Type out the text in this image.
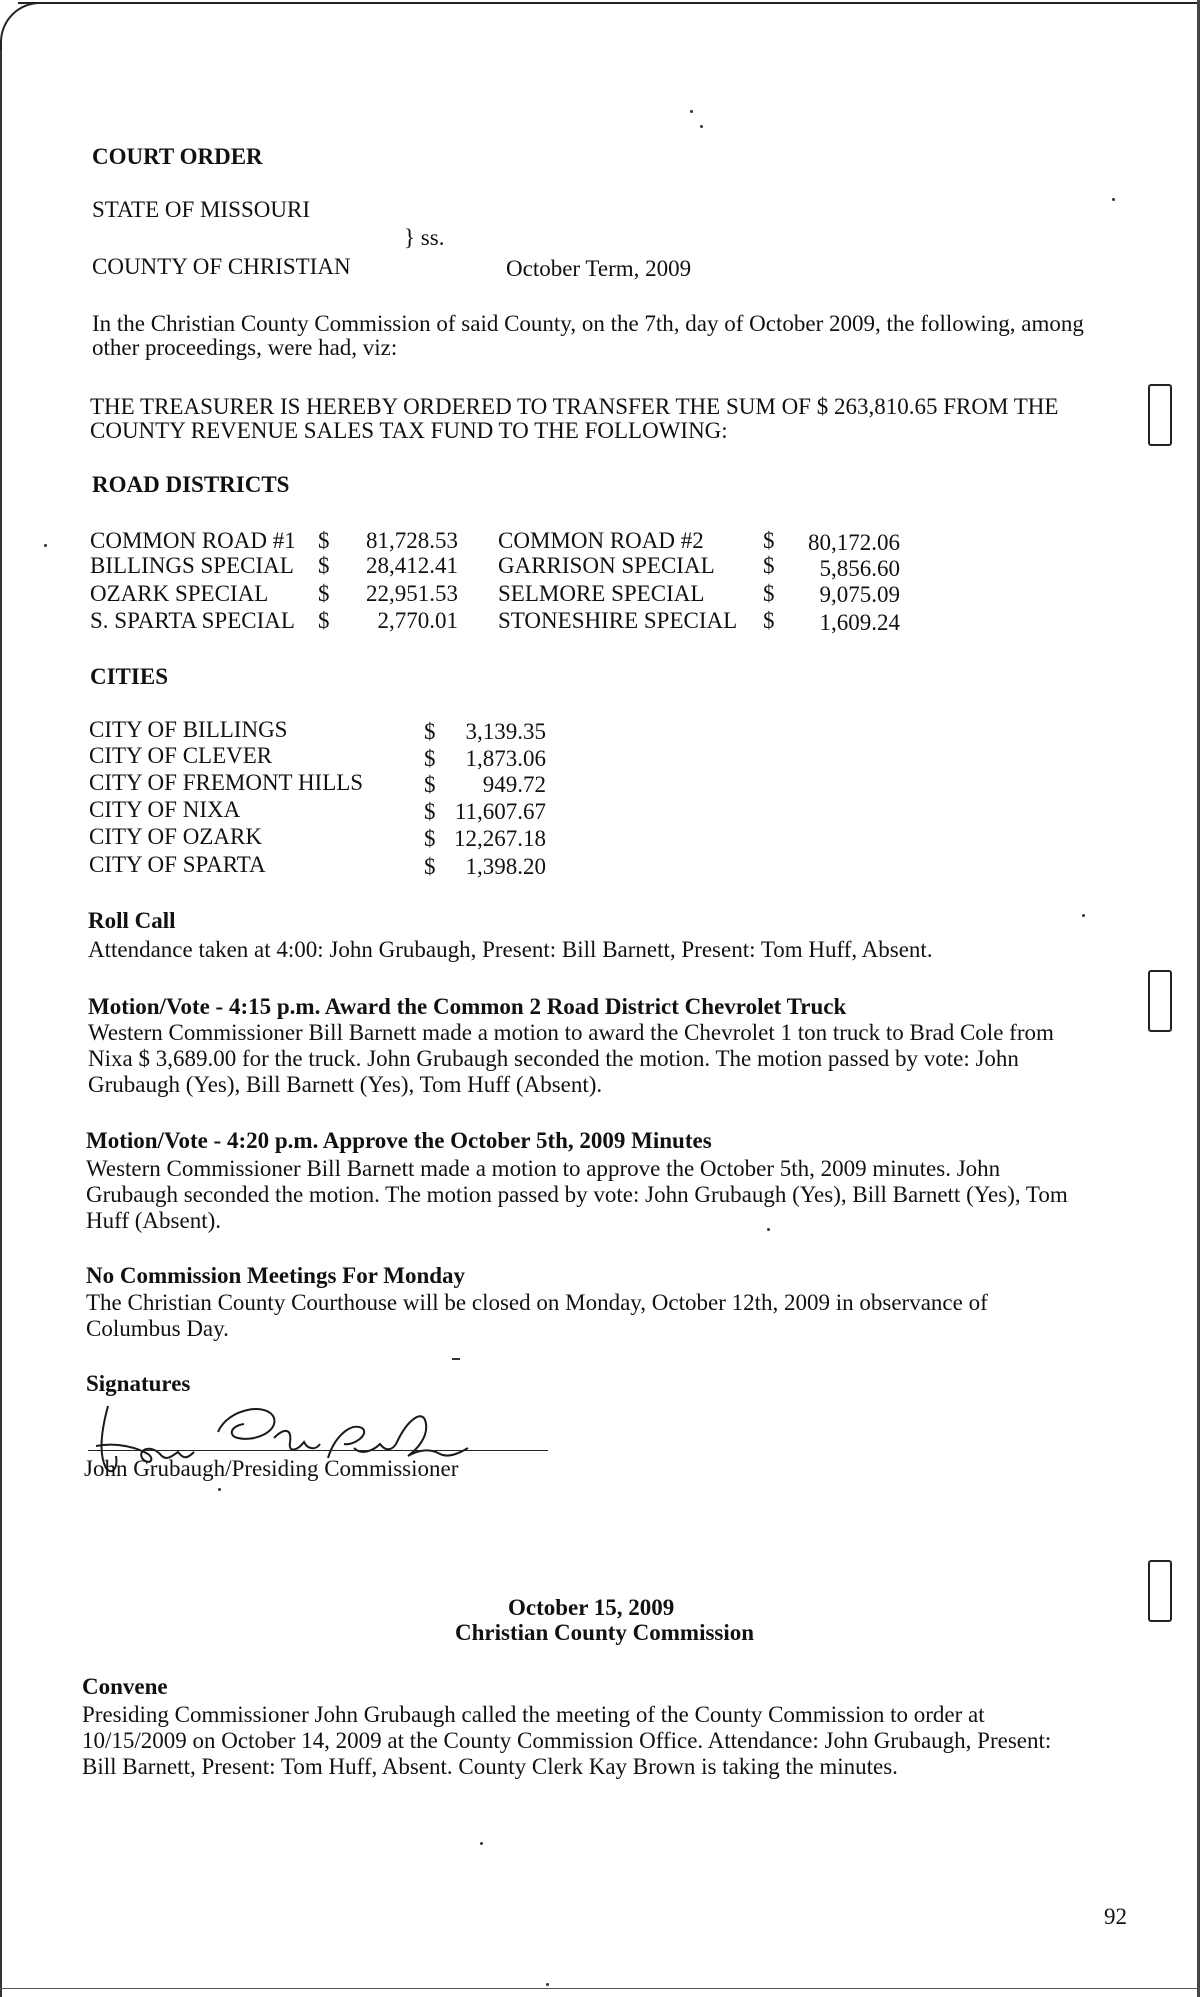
COURT ORDER
STATE OF MISSOURI
} ss.
COUNTY OF CHRISTIAN	October Term, 2009
In the Christian County Commission of said County, on the 7th, day of October 2009, the following, among
other proceedings, were had, viz:
THE TREASURER IS HEREBY ORDERED TO TRANSFER THE SUM OF $ 263,810.65 FROM THE
COUNTY REVENUE SALES TAX FUND TO THE FOLLOWING:
ROAD DISTRICTS
COMMON ROAD #1 $	81,728.53 COMMON ROAD #2	$	80,172.06
BILLINGS SPECIAL $	28,412.41 GARRISON SPECIAL $	5,856.60
OZARK SPECIAL $	22,951.53 SELMORE SPECIAL	$	9,075.09
S. SPARTA SPECIAL $	2,770.01 STONESHIRE SPECIAL $	1,609.24
CITIES
CITY OF BILLINGS	$	3,139.35
CITY OF CLEVER	$	1,873.06
CITY OF FREMONT HILLS	$	949.72
CITY OF NIXA	$ 11,607.67
CITY OF OZARK	$ 12,267.18
CITY OF SPARTA	$	1,398.20
Roll Call
Attendance taken at 4:00: John Grubaugh, Present: Bill Barnett, Present: Tom Huff, Absent.
Motion/Vote - 4:15 p.m. Award the Common 2 Road District Chevrolet Truck
Western Commissioner Bill Barnett made a motion to award the Chevrolet 1 ton truck to Brad Cole from
Nixa $ 3,689.00 for the truck. John Grubaugh seconded the motion. The motion passed by vote: John
Grubaugh (Yes), Bill Barnett (Yes), Tom Huff (Absent).
Motion/Vote - 4:20 p.m. Approve the October 5th, 2009 Minutes
Western Commissioner Bill Barnett made a motion to approve the October 5th, 2009 minutes. John
Grubaugh seconded the motion. The motion passed by vote: John Grubaugh (Yes), Bill Barnett (Yes), Tom
Huff (Absent).
No Commission Meetings For Monday
The Christian County Courthouse will be closed on Monday, October 12th, 2009 in observance of
Columbus Day.
Signatures
John Grubaugh/Presiding Commissioner
October 15, 2009
Christian County Commission
Convene
Presiding Commissioner John Grubaugh called the meeting of the County Commission to order at
10/15/2009 on October 14, 2009 at the County Commission Office. Attendance: John Grubaugh, Present:
Bill Barnett, Present: Tom Huff, Absent. County Clerk Kay Brown is taking the minutes.
92
